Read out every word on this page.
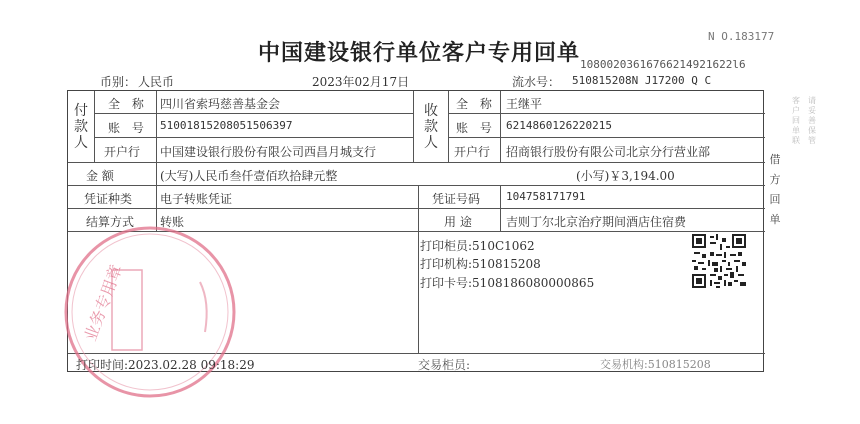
中国建设银行单位客户专用回单
N O.183177
10800203616766214921622l6
币别： 人民币	2023年02月17日	流水号： 510815208N J17200 Q C
付款人
全 称 四川省索玛慈善基金会
账 号 51001815208051506397
开户行 中国建设银行股份有限公司西昌月城支行
收款人
全 称 王继平
账 号 6214860126220215
开户行 招商银行股份有限公司北京分行营业部
金 额	(大写)人民币叁仟壹佰玖拾肆元整	(小写)￥3,194.00
凭证种类 电子转账凭证	凭证号码 104758171791
结算方式 转账	用 途	吉则丁尔北京治疗期间酒店住宿费
打印柜员:510C1062
打印机构:510815208
打印卡号:5108186080000865
借方回单
客户回单联
请妥善保管
业务专用章
打印时间:2023.02.28 09:18:29	交易柜员:	交易机构:510815208
